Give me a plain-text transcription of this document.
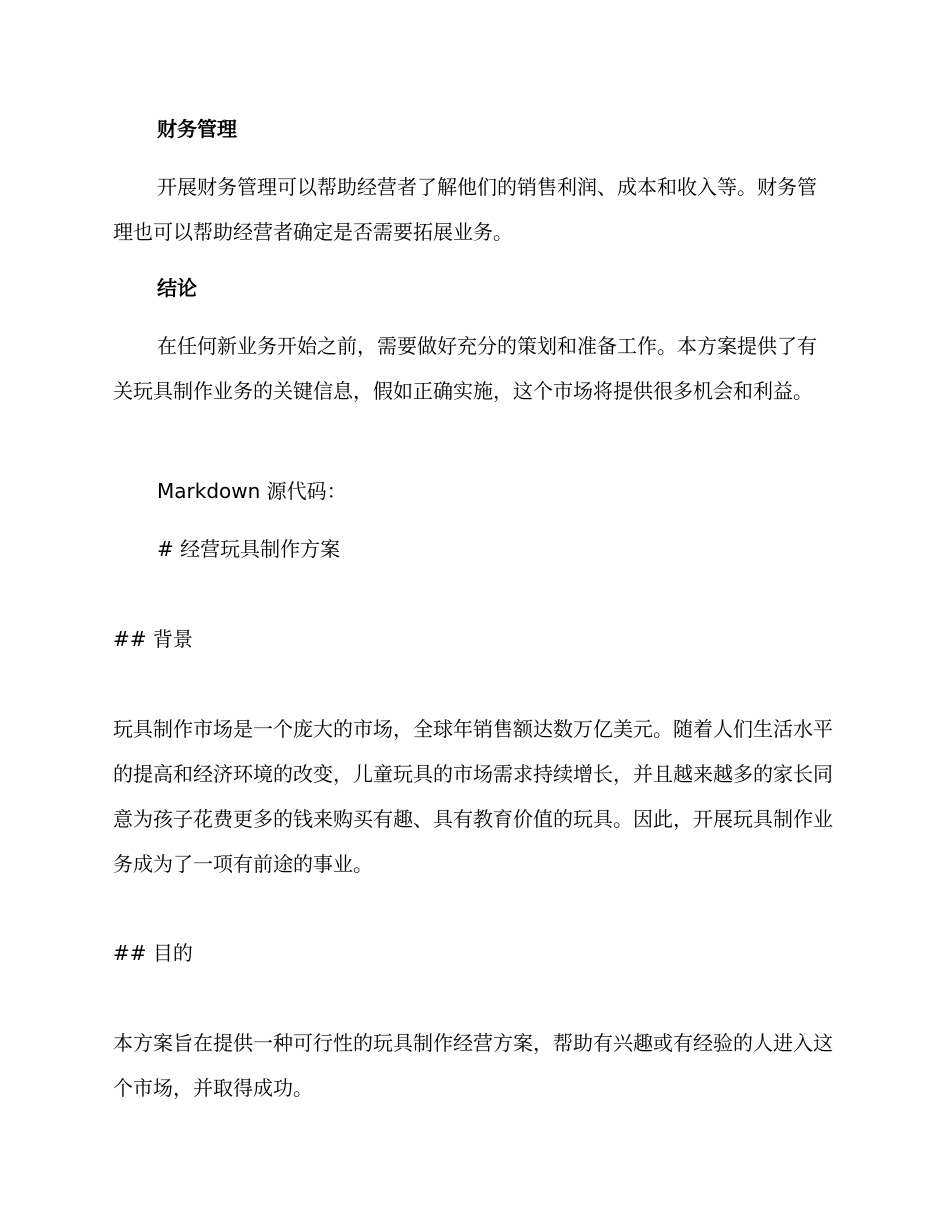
财务管理
开展财务管理可以帮助经营者了解他们的销售利润、成本和收入等。财务管理也可以帮助经营者确定是否需要拓展业务。
结论
在任何新业务开始之前，需要做好充分的策划和准备工作。本方案提供了有关玩具制作业务的关键信息，假如正确实施，这个市场将提供很多机会和利益。
Markdown 源代码：
# 经营玩具制作方案
## 背景
玩具制作市场是一个庞大的市场，全球年销售额达数万亿美元。随着人们生活水平的提高和经济环境的改变，儿童玩具的市场需求持续增长，并且越来越多的家长同意为孩子花费更多的钱来购买有趣、具有教育价值的玩具。因此，开展玩具制作业务成为了一项有前途的事业。
## 目的
本方案旨在提供一种可行性的玩具制作经营方案，帮助有兴趣或有经验的人进入这个市场，并取得成功。
